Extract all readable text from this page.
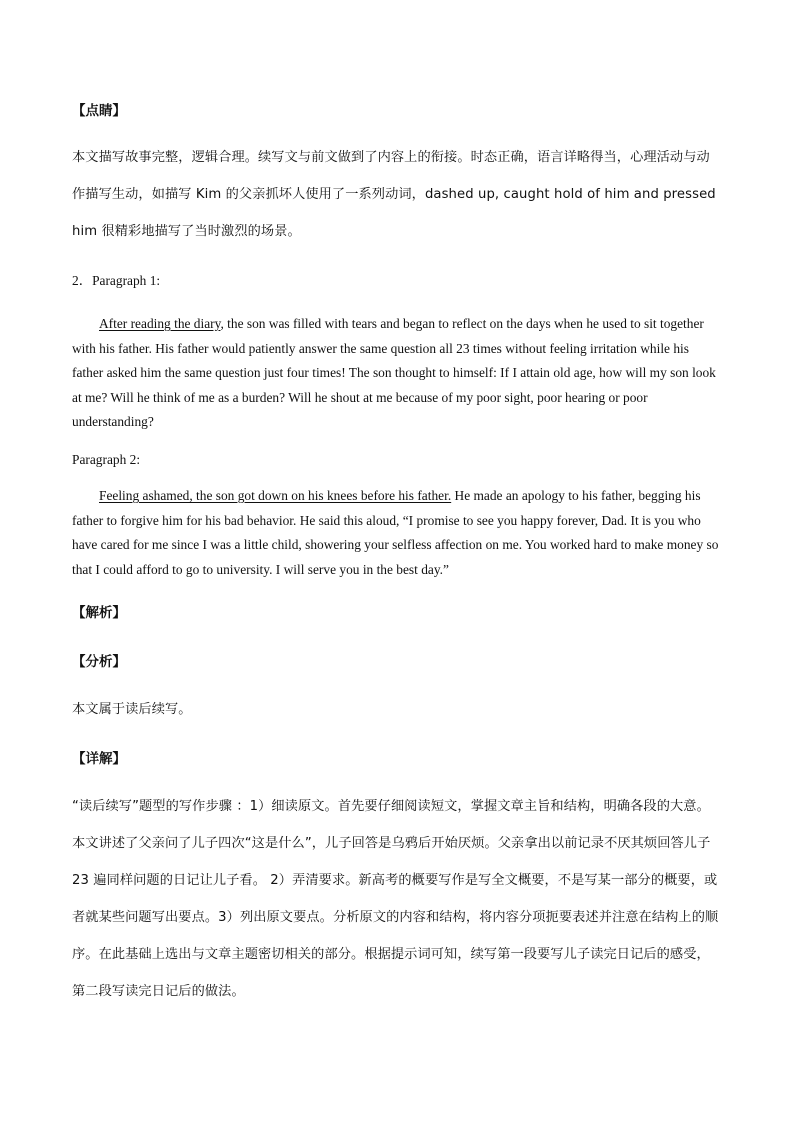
【点睛】

本文描写故事完整，逻辑合理。续写文与前文做到了内容上的衔接。时态正确，语言详略得当，心理活动与动作描写生动，如描写 Kim 的父亲抓坏人使用了一系列动词，dashed up, caught hold of him and pressed him 很精彩地描写了当时激烈的场景。

2．Paragraph 1:

After reading the diary, the son was filled with tears and began to reflect on the days when he used to sit together with his father. His father would patiently answer the same question all 23 times without feeling irritation while his father asked him the same question just four times! The son thought to himself: If I attain old age, how will my son look at me? Will he think of me as a burden? Will he shout at me because of my poor sight, poor hearing or poor understanding?

Paragraph 2:

Feeling ashamed, the son got down on his knees before his father. He made an apology to his father, begging his father to forgive him for his bad behavior. He said this aloud, “I promise to see you happy forever, Dad. It is you who have cared for me since I was a little child, showering your selfless affection on me. You worked hard to make money so that I could afford to go to university. I will serve you in the best day.”

【解析】
【分析】
本文属于读后续写。
【详解】

“读后续写”题型的写作步骤 ：1）细读原文。首先要仔细阅读短文，掌握文章主旨和结构，明确各段的大意。本文讲述了父亲问了儿子四次“这是什么”，儿子回答是乌鸦后开始厌烦。父亲拿出以前记录不厌其烦回答儿子 23 遍同样问题的日记让儿子看。 2）弄清要求。新高考的概要写作是写全文概要，不是写某一部分的概要，或者就某些问题写出要点。3）列出原文要点。分析原文的内容和结构，将内容分项扼要表述并注意在结构上的顺序。在此基础上选出与文章主题密切相关的部分。根据提示词可知，续写第一段要写儿子读完日记后的感受，第二段写读完日记后的做法。
